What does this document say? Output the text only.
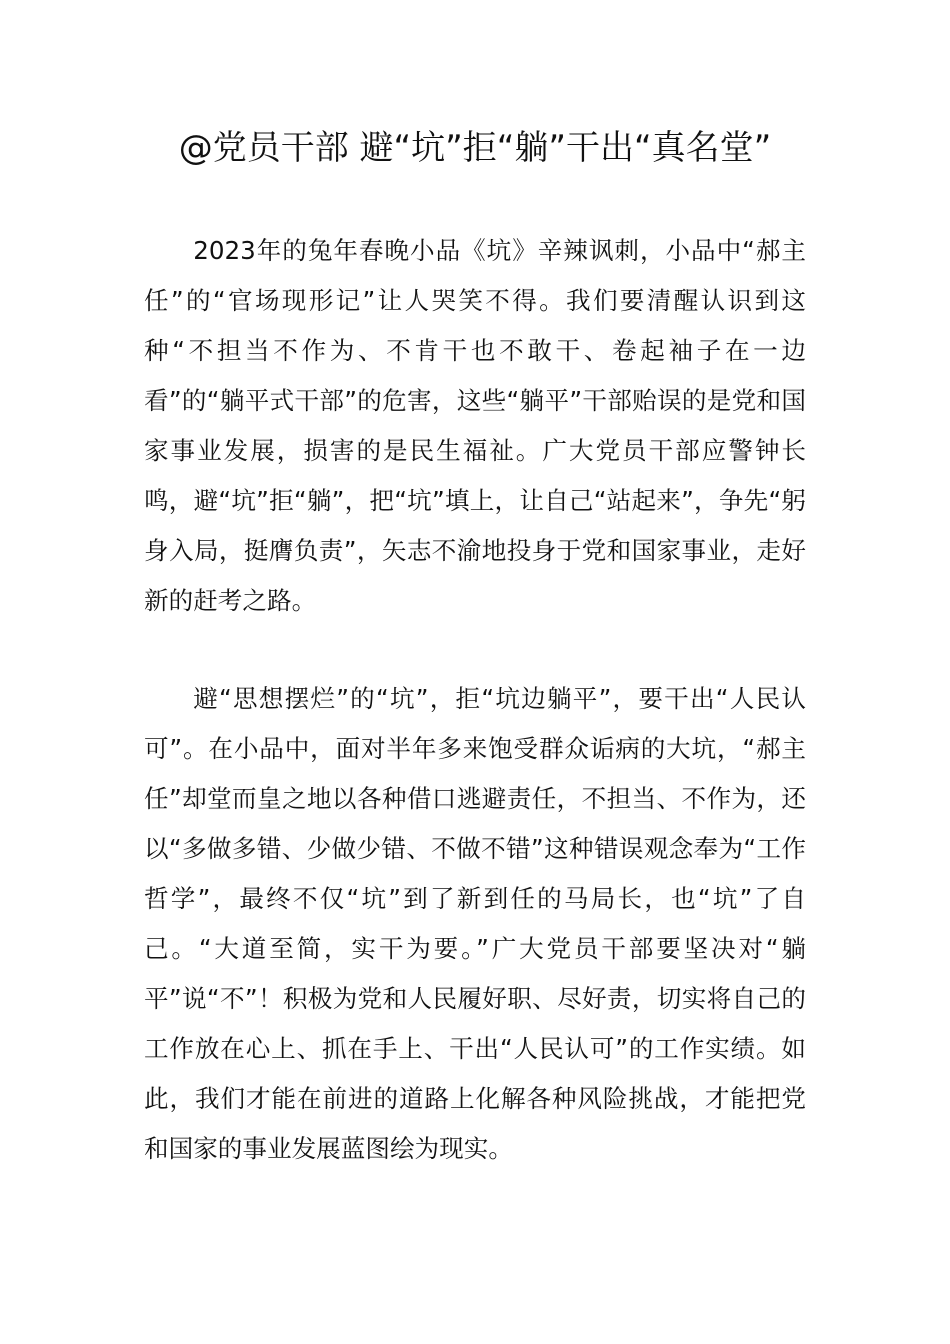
@党员干部 避“坑”拒“躺”干出“真名堂”

2023年的兔年春晚小品《坑》辛辣讽刺，小品中“郝主任”的“官场现形记”让人哭笑不得。我们要清醒认识到这种“不担当不作为、不肯干也不敢干、卷起袖子在一边看”的“躺平式干部”的危害，这些“躺平”干部贻误的是党和国家事业发展，损害的是民生福祉。广大党员干部应警钟长鸣，避“坑”拒“躺”，把“坑”填上，让自己“站起来”，争先“躬身入局，挺膺负责”，矢志不渝地投身于党和国家事业，走好新的赶考之路。

避“思想摆烂”的“坑”，拒“坑边躺平”，要干出“人民认可”。在小品中，面对半年多来饱受群众诟病的大坑，“郝主任”却堂而皇之地以各种借口逃避责任，不担当、不作为，还以“多做多错、少做少错、不做不错”这种错误观念奉为“工作哲学”，最终不仅“坑”到了新到任的马局长，也“坑”了自己。“大道至简，实干为要。”广大党员干部要坚决对“躺平”说“不”！积极为党和人民履好职、尽好责，切实将自己的工作放在心上、抓在手上、干出“人民认可”的工作实绩。如此，我们才能在前进的道路上化解各种风险挑战，才能把党和国家的事业发展蓝图绘为现实。
